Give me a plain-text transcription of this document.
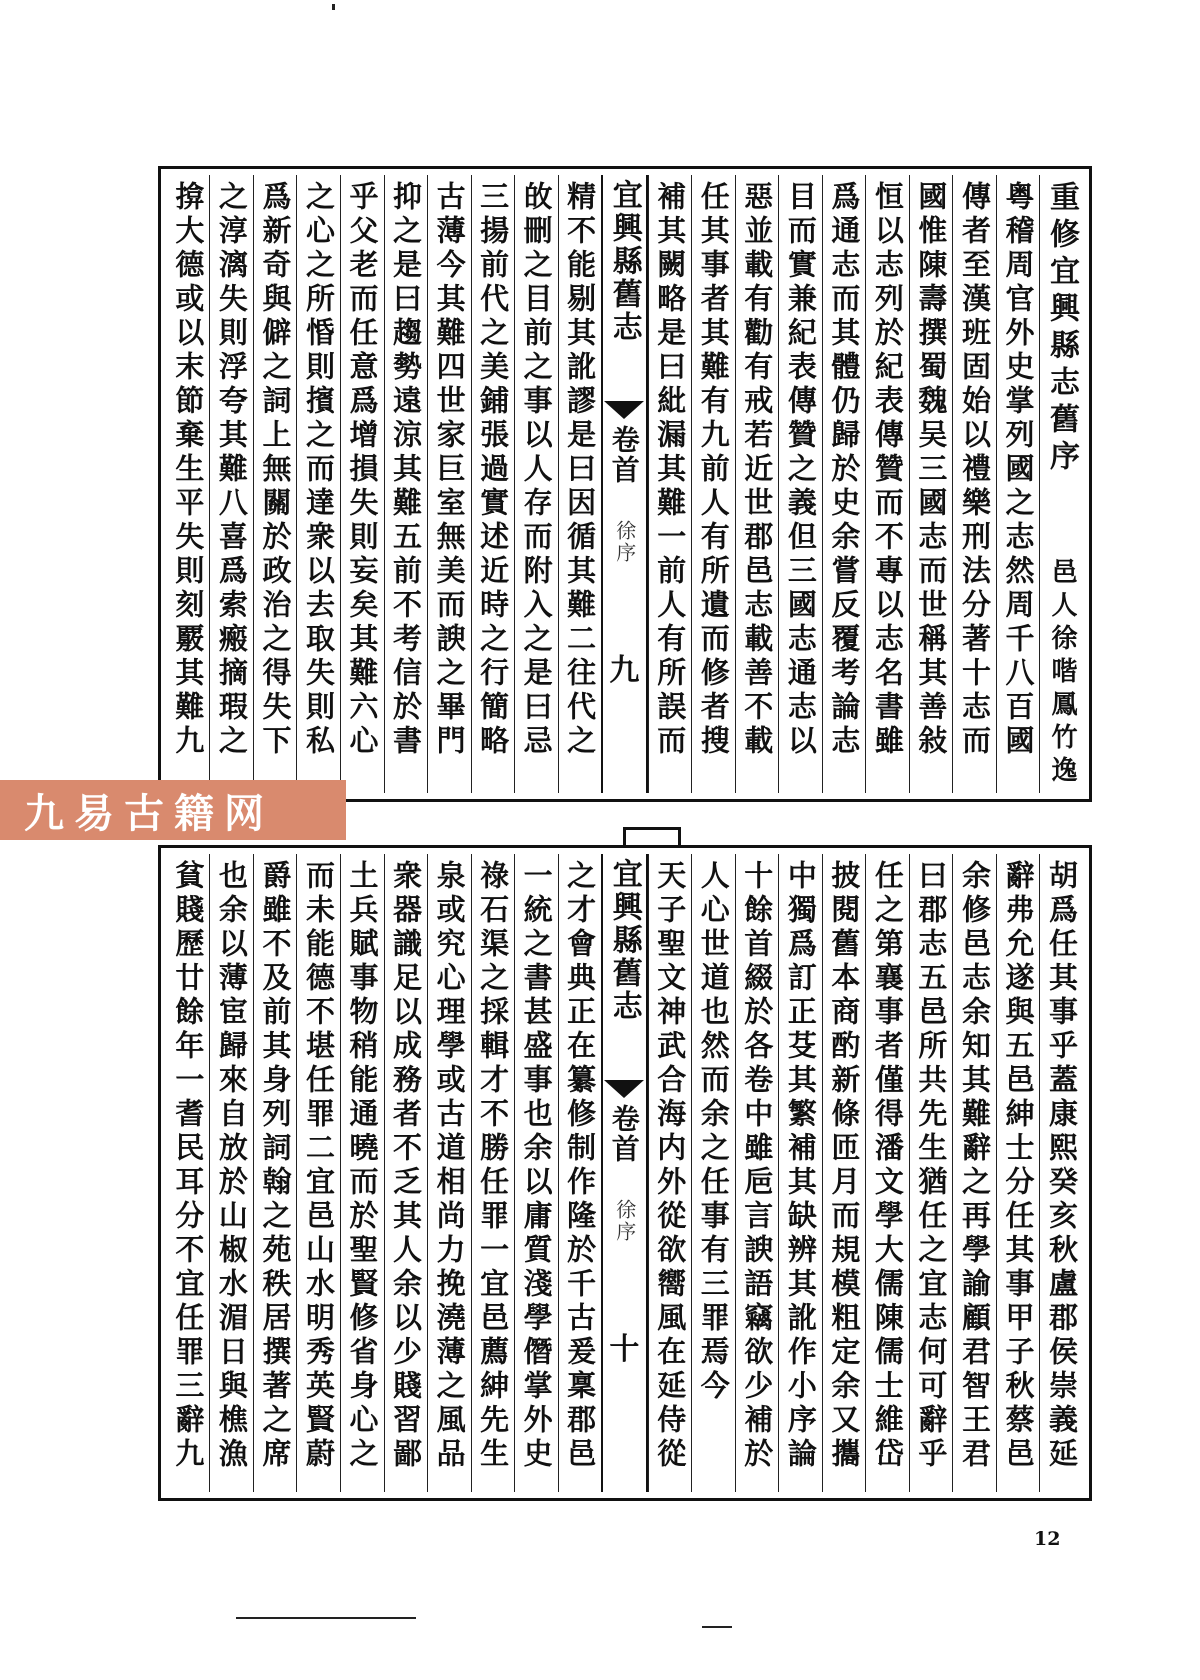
重修宜興縣志舊序
邑人徐喈鳳竹逸
粤稽周官外史掌列國之志然周千八百國
傳者至漢班固始以禮樂刑法分著十志而
國惟陳壽撰蜀魏吴三國志而世稱其善敍
恒以志列於紀表傳贊而不專以志名書雖
爲通志而其體仍歸於史余嘗反覆考論志
目而實兼紀表傳贊之義但三國志通志以
惡並載有勸有戒若近世郡邑志載善不載
任其事者其難有九前人有所遺而修者搜
補其闕略是曰紕漏其難一前人有所誤而
宜興縣舊志
卷首
徐序
九
精不能剔其訛謬是曰因循其難二往代之
敀刪之目前之事以人存而附入之是曰忌
三揚前代之美鋪張過實述近時之行簡略
古薄今其難四世家巨室無美而諛之畢門
抑之是曰趨勢遠涼其難五前不考信於書
乎父老而任意爲增損失則妄矣其難六心
之心之所惛則擯之而達衆以去取失則私
爲新奇與僻之詞上無關於政治之得失下
之淳漓失則浮夸其難八喜爲索瘢摘瑕之
揜大德或以末節棄生平失則刻覈其難九
九易古籍网
胡爲任其事乎蓋康熙癸亥秋盧郡侯崇義延
辭弗允遂與五邑紳士分任其事甲子秋蔡邑
余修邑志余知其難辭之再學諭顧君智王君
曰郡志五邑所共先生猶任之宜志何可辭乎
任之第襄事者僅得潘文學大儒陳儒士維岱
披閱舊本商酌新條匝月而規模粗定余又攜
中獨爲訂正芟其繁補其缺辨其訛作小序論
十餘首綴於各卷中雖巵言諛語竊欲少補於
人心世道也然而余之任事有三罪焉今
天子聖文神武合海内外從欲嚮風在延侍從
宜興縣舊志
卷首
徐序
十
之才會典正在纂修制作隆於千古爰稟郡邑
一統之書甚盛事也余以庸質淺學僭掌外史
祿石渠之採輯才不勝任罪一宜邑薦紳先生
泉或究心理學或古道相尚力挽澆薄之風品
衆器識足以成務者不乏其人余以少賤習鄙
土兵賦事物稍能通曉而於聖賢修省身心之
而未能德不堪任罪二宜邑山水明秀英賢蔚
爵雖不及前其身列詞翰之苑秩居撰著之席
也余以薄宦歸來自放於山椒水湄日與樵漁
貧賤歷廿餘年一耆民耳分不宜任罪三辭九
12
